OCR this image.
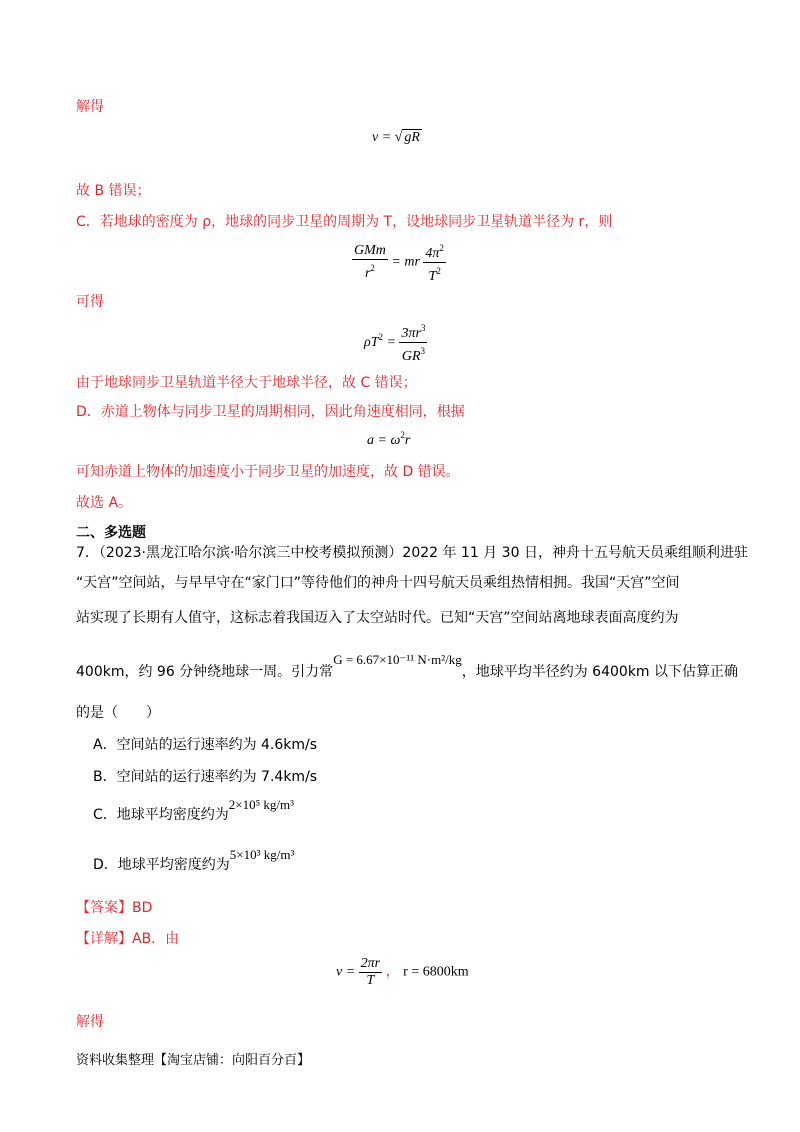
解得
v = √ gR
故 B 错误；
C．若地球的密度为 ρ，地球的同步卫星的周期为 T，设地球同步卫星轨道半径为 r，则
$\frac{\text{GMm}}{r^2}$ = mr $\frac{4\pi^2}{T^2}$
可得
$\rho T^2 = \frac{3\pi r^3}{GR^3}$
由于地球同步卫星轨道半径大于地球半径，故 C 错误；
D．赤道上物体与同步卫星的周期相同，因此角速度相同，根据
$a = \omega^2r$
可知赤道上物体的加速度小于同步卫星的加速度，故 D 错误。
故选 A。
二、多选题
7．（2023·黑龙江哈尔滨·哈尔滨三中校考模拟预测）2022 年 11 月 30 日，神舟十五号航天员乘组顺利进驻
“天宫”空间站，与早早守在“家门口”等待他们的神舟十四号航天员乘组热情相拥。我国“天宫”空间
站实现了长期有人值守，这标志着我国迈入了太空站时代。已知“天宫”空间站离地球表面高度约为
400km，约 96 分钟绕地球一周。引力常G = 6.67×10⁻¹¹ N·m²/kg，地球平均半径约为 6400km 以下估算正确
的是（　　）
A．空间站的运行速率约为 4.6km/s
B．空间站的运行速率约为 7.4km/s
C．地球平均密度约为2×10⁵ kg/m³
D．地球平均密度约为5×10³ kg/m³
【答案】BD
【详解】AB．由
$v = \frac{2\pi r}{T}$ ， r = 6800km
解得
资料收集整理【淘宝店铺：向阳百分百】
